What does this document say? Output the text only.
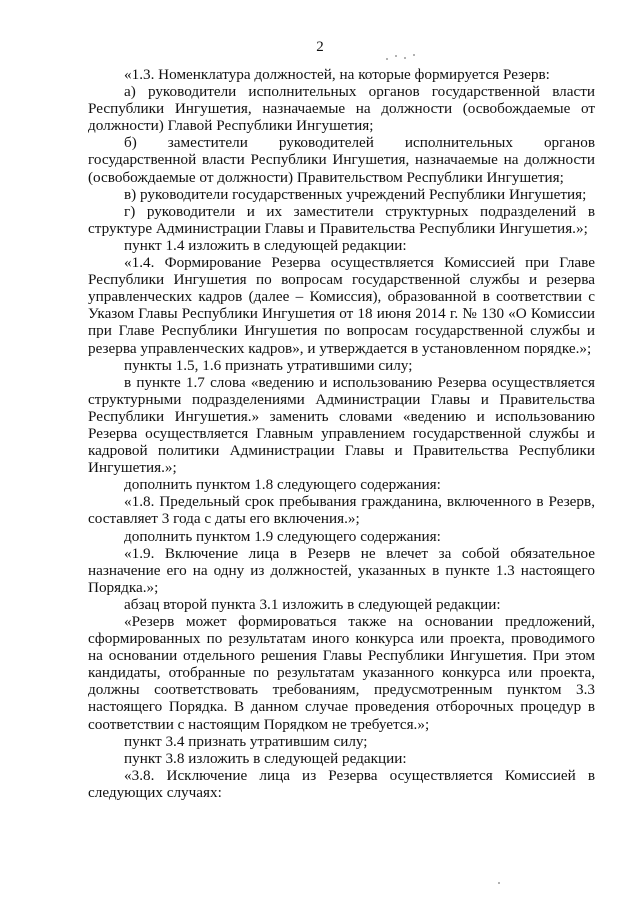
2

«1.3. Номенклатура должностей, на которые формируется Резерв:

а) руководители исполнительных органов государственной власти Республики Ингушетия, назначаемые на должности (освобождаемые от должности) Главой Республики Ингушетия;

б) заместители руководителей исполнительных органов государственной власти Республики Ингушетия, назначаемые на должности (освобождаемые от должности) Правительством Республики Ингушетия;

в) руководители государственных учреждений Республики Ингушетия;

г) руководители и их заместители структурных подразделений в структуре Администрации Главы и Правительства Республики Ингушетия.»;

пункт 1.4 изложить в следующей редакции:

«1.4. Формирование Резерва осуществляется Комиссией при Главе Республики Ингушетия по вопросам государственной службы и резерва управленческих кадров (далее – Комиссия), образованной в соответствии с Указом Главы Республики Ингушетия от 18 июня 2014 г. № 130 «О Комиссии при Главе Республики Ингушетия по вопросам государственной службы и резерва управленческих кадров», и утверждается в установленном порядке.»;

пункты 1.5, 1.6 признать утратившими силу;

в пункте 1.7 слова «ведению и использованию Резерва осуществляется структурными подразделениями Администрации Главы и Правительства Республики Ингушетия.» заменить словами «ведению и использованию Резерва осуществляется Главным управлением государственной службы и кадровой политики Администрации Главы и Правительства Республики Ингушетия.»;

дополнить пунктом 1.8 следующего содержания:

«1.8. Предельный срок пребывания гражданина, включенного в Резерв, составляет 3 года с даты его включения.»;

дополнить пунктом 1.9 следующего содержания:

«1.9. Включение лица в Резерв не влечет за собой обязательное назначение его на одну из должностей, указанных в пункте 1.3 настоящего Порядка.»;

абзац второй пункта 3.1 изложить в следующей редакции:

«Резерв может формироваться также на основании предложений, сформированных по результатам иного конкурса или проекта, проводимого на основании отдельного решения Главы Республики Ингушетия. При этом кандидаты, отобранные по результатам указанного конкурса или проекта, должны соответствовать требованиям, предусмотренным пунктом 3.3 настоящего Порядка. В данном случае проведения отборочных процедур в соответствии с настоящим Порядком не требуется.»;

пункт 3.4 признать утратившим силу;

пункт 3.8 изложить в следующей редакции:

«3.8. Исключение лица из Резерва осуществляется Комиссией в следующих случаях:
